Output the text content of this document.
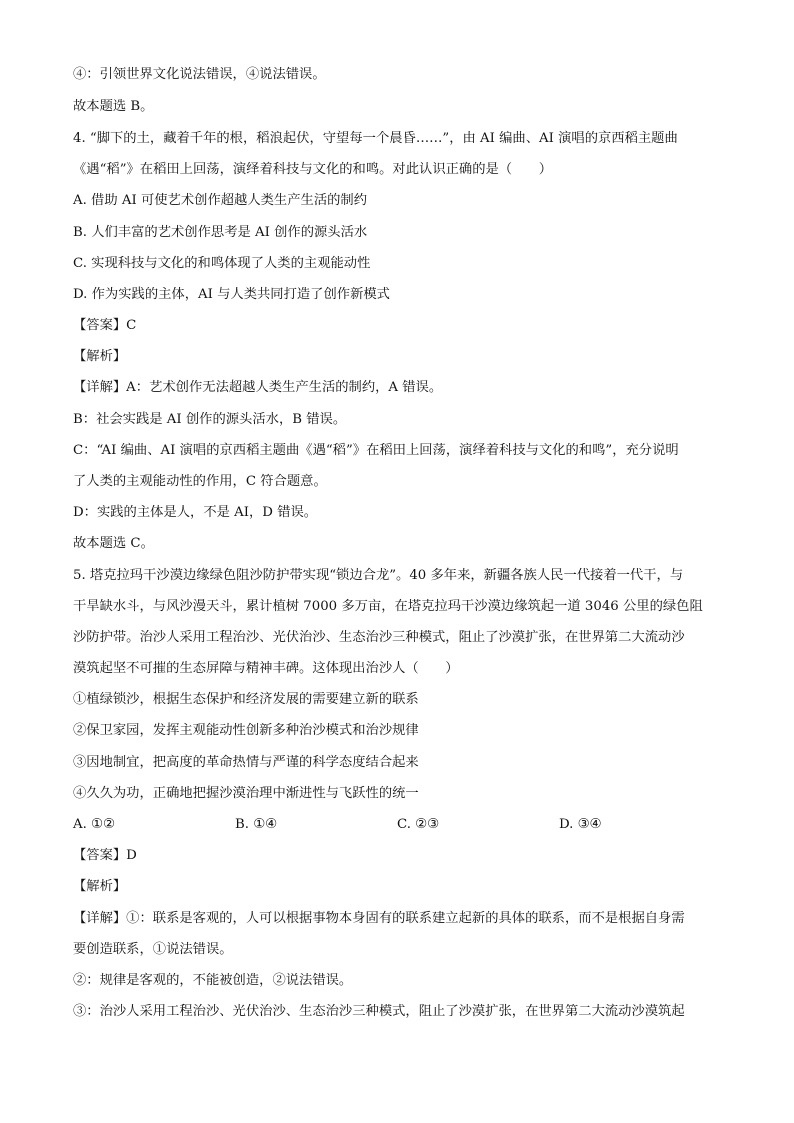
④：引领世界文化说法错误，④说法错误。
故本题选 B。
4. “脚下的土，藏着千年的根，稻浪起伏，守望每一个晨昏……”，由 AI 编曲、AI 演唱的京西稻主题曲
《遇“稻”》在稻田上回荡，演绎着科技与文化的和鸣。对此认识正确的是（　　）
A. 借助 AI 可使艺术创作超越人类生产生活的制约
B. 人们丰富的艺术创作思考是 AI 创作的源头活水
C. 实现科技与文化的和鸣体现了人类的主观能动性
D. 作为实践的主体，AI 与人类共同打造了创作新模式
【答案】C
【解析】
【详解】A：艺术创作无法超越人类生产生活的制约，A 错误。
B：社会实践是 AI 创作的源头活水，B 错误。
C：“AI 编曲、AI 演唱的京西稻主题曲《遇“稻”》在稻田上回荡，演绎着科技与文化的和鸣”，充分说明
了人类的主观能动性的作用，C 符合题意。
D：实践的主体是人，不是 AI，D 错误。
故本题选 C。
5. 塔克拉玛干沙漠边缘绿色阻沙防护带实现“锁边合龙”。40 多年来，新疆各族人民一代接着一代干，与
干旱缺水斗，与风沙漫天斗，累计植树 7000 多万亩，在塔克拉玛干沙漠边缘筑起一道 3046 公里的绿色阻
沙防护带。治沙人采用工程治沙、光伏治沙、生态治沙三种模式，阻止了沙漠扩张，在世界第二大流动沙
漠筑起坚不可摧的生态屏障与精神丰碑。这体现出治沙人（　　）
①植绿锁沙，根据生态保护和经济发展的需要建立新的联系
②保卫家园，发挥主观能动性创新多种治沙模式和治沙规律
③因地制宜，把高度的革命热情与严谨的科学态度结合起来
④久久为功，正确地把握沙漠治理中渐进性与飞跃性的统一
A. ①②	B. ①④	C. ②③	D. ③④
【答案】D
【解析】
【详解】①：联系是客观的，人可以根据事物本身固有的联系建立起新的具体的联系，而不是根据自身需
要创造联系，①说法错误。
②：规律是客观的，不能被创造，②说法错误。
③：治沙人采用工程治沙、光伏治沙、生态治沙三种模式，阻止了沙漠扩张，在世界第二大流动沙漠筑起
